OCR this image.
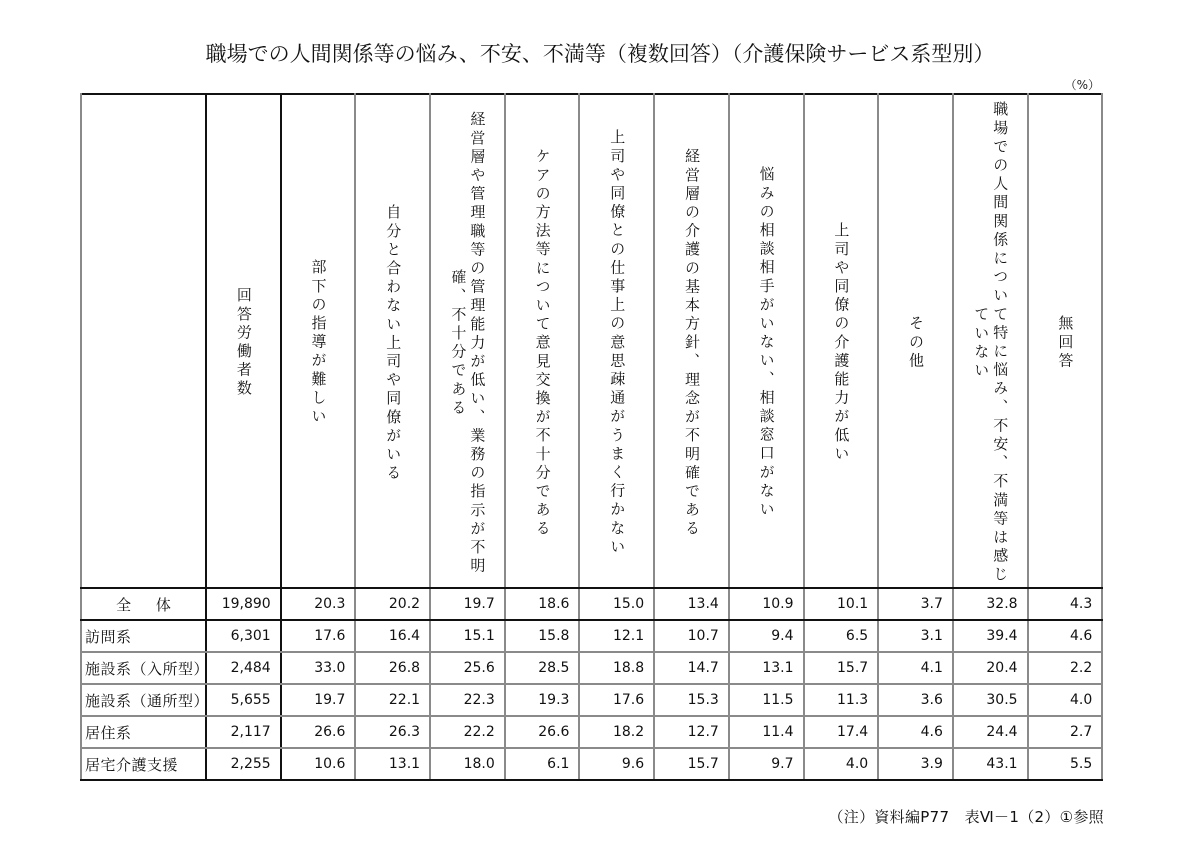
職場での人間関係等の悩み、不安、不満等（複数回答）（介護保険サービス系型別）
（%）

	回答労働者数	部下の指導が難しい	自分と合わない上司や同僚がいる	経営層や管理職等の管理能力が低い、業務の指示が不明確、不十分である	ケアの方法等について意見交換が不十分である	上司や同僚との仕事上の意思疎通がうまく行かない	経営層の介護の基本方針、理念が不明確である	悩みの相談相手がいない、相談窓口がない	上司や同僚の介護能力が低い	その他	職場での人間関係について特に悩み、不安、不満等は感じていない	無回答

全 体	19,890	20.3	20.2	19.7	18.6	15.0	13.4	10.9	10.1	3.7	32.8	4.3
訪問系	6,301	17.6	16.4	15.1	15.8	12.1	10.7	9.4	6.5	3.1	39.4	4.6
施設系（入所型）	2,484	33.0	26.8	25.6	28.5	18.8	14.7	13.1	15.7	4.1	20.4	2.2
施設系（通所型）	5,655	19.7	22.1	22.3	19.3	17.6	15.3	11.5	11.3	3.6	30.5	4.0
居住系	2,117	26.6	26.3	22.2	26.6	18.2	12.7	11.4	17.4	4.6	24.4	2.7
居宅介護支援	2,255	10.6	13.1	18.0	6.1	9.6	15.7	9.7	4.0	3.9	43.1	5.5
（注）資料編P77　表Ⅵ－1（2）①参照
